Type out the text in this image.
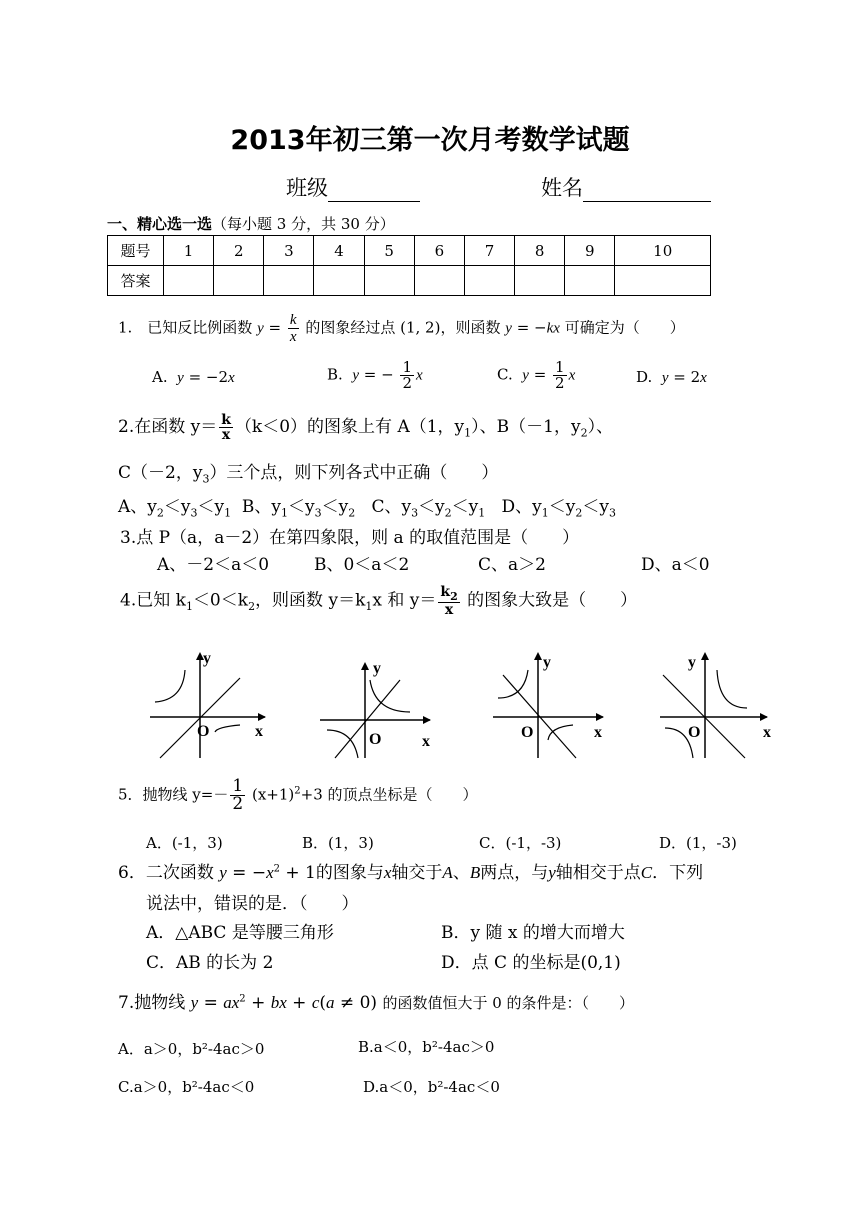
2013年初三第一次月考数学试题
班级	姓名
一、精心选一选（每小题 3 分，共 30 分）
题号	1	2	3	4	5	6	7	8	9	10
答案										
1.　已知反比例函数 $y = \frac{k}{x}$ 的图象经过点 (1, 2)，则函数 y = −kx 可确定为（　　）
A. y = −2x	B. y = − $\frac{1}{2}$ x	C. $y = \frac{1}{2}$ x	D. y = 2x
2.在函数 $y= \frac{k}{x} (k<0)$的图象上有 A（1，$y_1$）、B（－1，$y_2$）、
C（－2，$y_3$）三个点，则下列各式中正确（　　）
A、$y_2<y_3<y_1$  B、$y_1<y_3<y_2$   C、$y_3<y_2<y_1$   D、$y_1<y_2<y_3$
3.点 P（a，a－2）在第四象限，则 a 的取值范围是（　　）
A、－2＜a＜0	B、0＜a＜2	C、a＞2	D、a＜0
4.已知 $k_1<0<k_2$，则函数 $y=k_1x$ 和 $y= \frac{k_2}{x}$ 的图象大致是（　　）
y
x
O
y
x
O
y
x
O
y
x
O
5．抛物线 $y=- \frac{1}{2} (x+1)^2+3$ 的顶点坐标是（　　）
A．(-1，3)	B．(1，3)	C．(-1，-3)	D．(1，-3)
6．二次函数 $y = -x^2 + 1$的图象与x轴交于A、B两点，与y轴相交于点C．下列
说法中，错误的是．（　　）
A．△ABC 是等腰三角形	B．y 随 x 的增大而增大
C．AB 的长为 2	D．点 C 的坐标是(0,1)
7.抛物线 $y = ax^2$ + bx + c(a ≠ 0) 的函数值恒大于 0 的条件是：（　　）
A．a＞0，b²-4ac＞0	B.a＜0，b²-4ac＞0
C.a＞0，b²-4ac＜0	D.a＜0，b²-4ac＜0
